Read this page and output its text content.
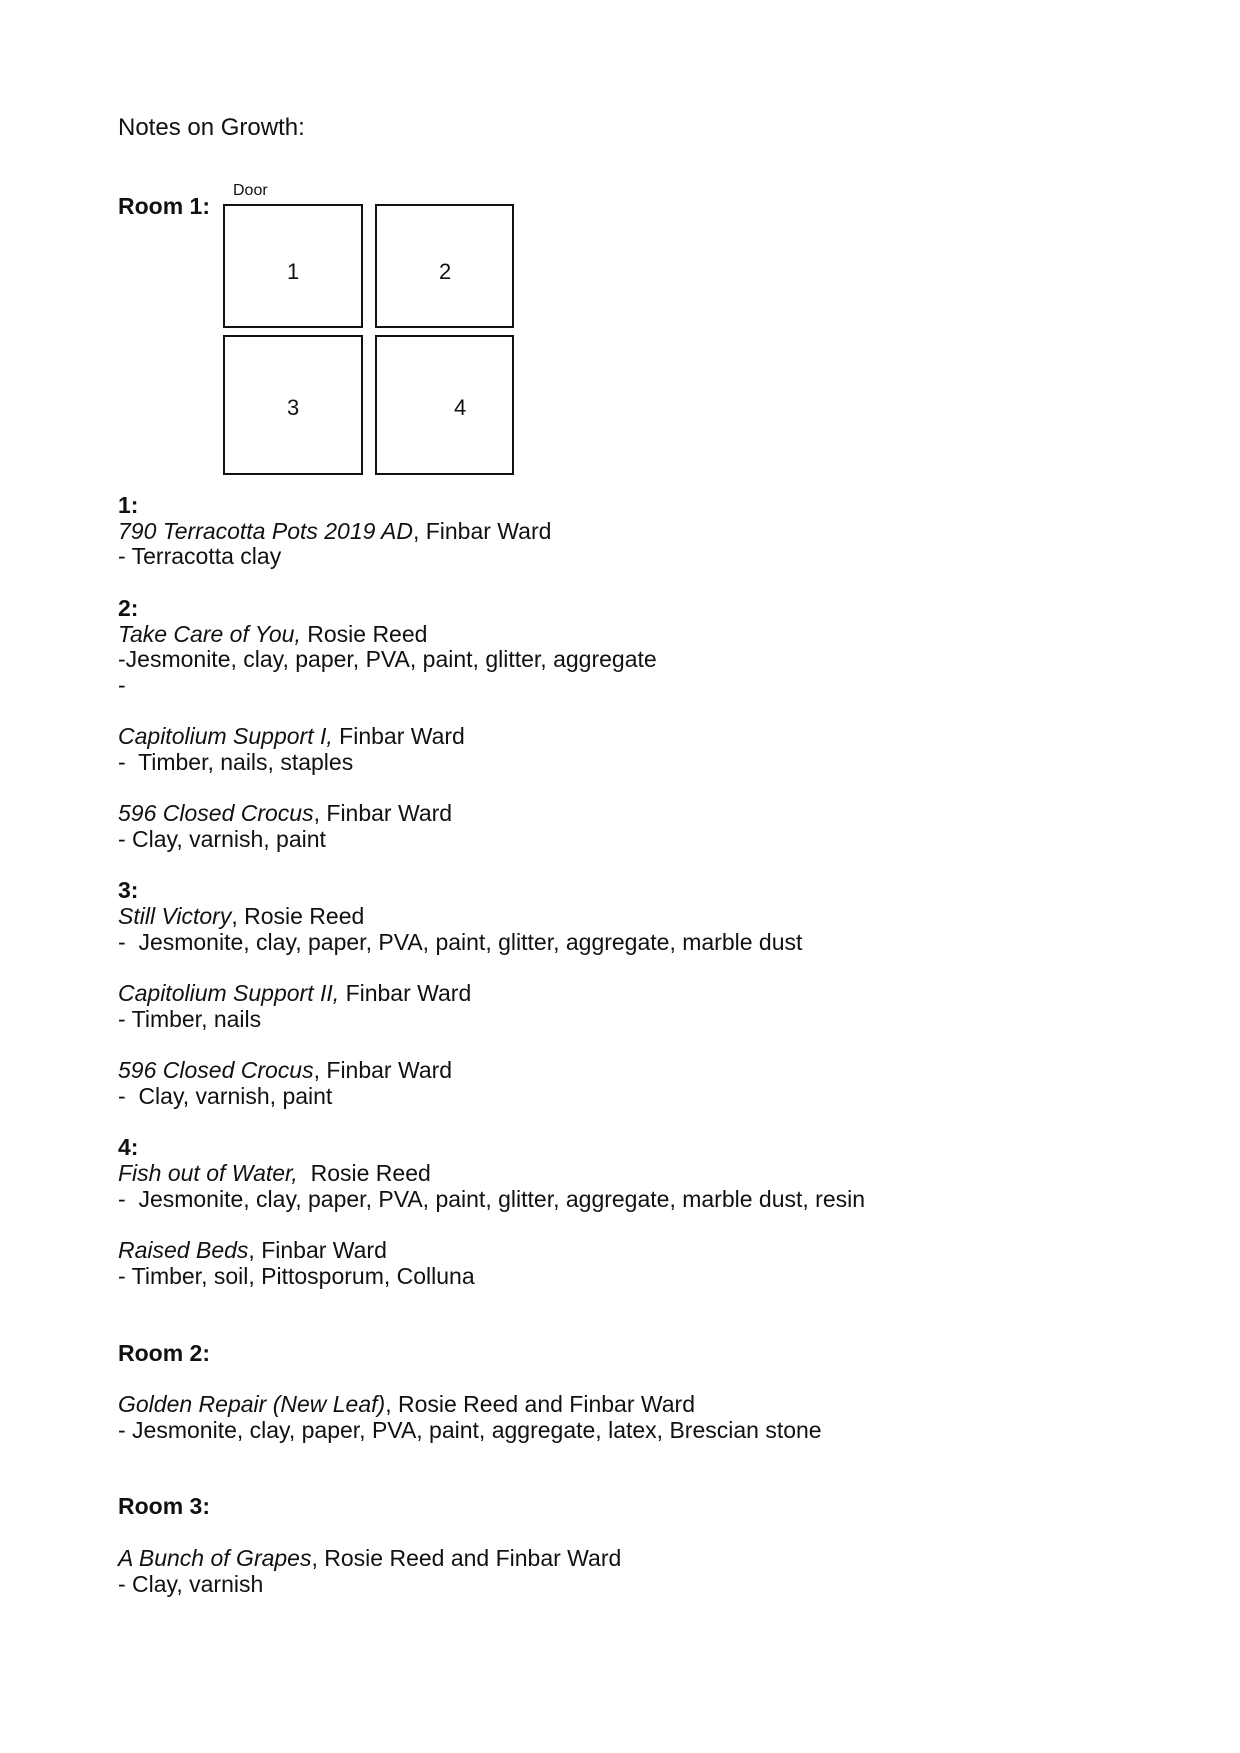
Notes on Growth:
Room 1:
Door
1	2
3	4
1:
790 Terracotta Pots 2019 AD, Finbar Ward
- Terracotta clay
2:
Take Care of You, Rosie Reed
-Jesmonite, clay, paper, PVA, paint, glitter, aggregate
-
Capitolium Support I, Finbar Ward
-  Timber, nails, staples
596 Closed Crocus, Finbar Ward
- Clay, varnish, paint
3:
Still Victory, Rosie Reed
-  Jesmonite, clay, paper, PVA, paint, glitter, aggregate, marble dust
Capitolium Support II, Finbar Ward
- Timber, nails
596 Closed Crocus, Finbar Ward
-  Clay, varnish, paint
4:
Fish out of Water, Rosie Reed
-  Jesmonite, clay, paper, PVA, paint, glitter, aggregate, marble dust, resin
Raised Beds, Finbar Ward
- Timber, soil, Pittosporum, Colluna
Room 2:
Golden Repair (New Leaf), Rosie Reed and Finbar Ward
- Jesmonite, clay, paper, PVA, paint, aggregate, latex, Brescian stone
Room 3:
A Bunch of Grapes, Rosie Reed and Finbar Ward
- Clay, varnish
